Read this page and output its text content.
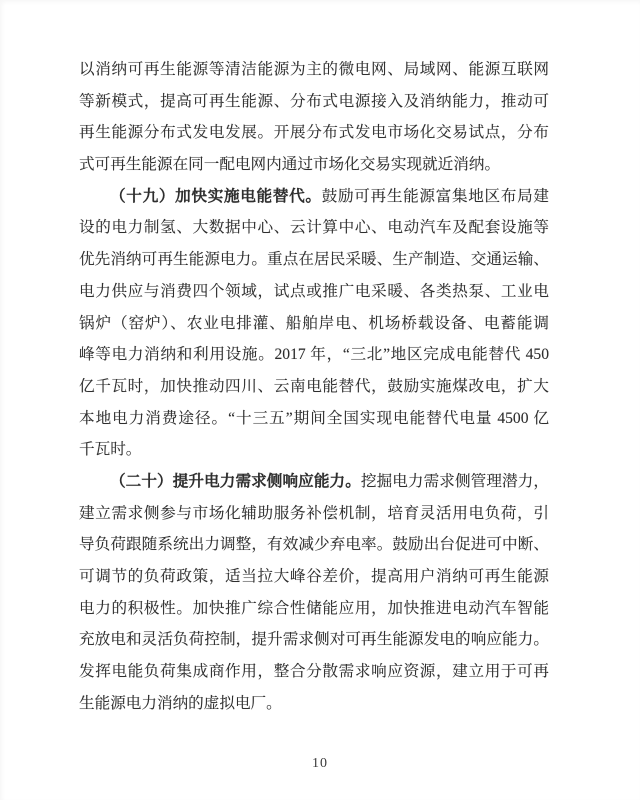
以消纳可再生能源等清洁能源为主的微电网、局域网、能源互联网
等新模式，提高可再生能源、分布式电源接入及消纳能力，推动可
再生能源分布式发电发展。开展分布式发电市场化交易试点，分布
式可再生能源在同一配电网内通过市场化交易实现就近消纳。
（十九）加快实施电能替代。鼓励可再生能源富集地区布局建
设的电力制氢、大数据中心、云计算中心、电动汽车及配套设施等
优先消纳可再生能源电力。重点在居民采暖、生产制造、交通运输、
电力供应与消费四个领域，试点或推广电采暖、各类热泵、工业电
锅炉（窑炉）、农业电排灌、船舶岸电、机场桥载设备、电蓄能调
峰等电力消纳和利用设施。2017 年，“三北”地区完成电能替代 450
亿千瓦时，加快推动四川、云南电能替代，鼓励实施煤改电，扩大
本地电力消费途径。“十三五”期间全国实现电能替代电量 4500 亿
千瓦时。
（二十）提升电力需求侧响应能力。挖掘电力需求侧管理潜力，
建立需求侧参与市场化辅助服务补偿机制，培育灵活用电负荷，引
导负荷跟随系统出力调整，有效减少弃电率。鼓励出台促进可中断、
可调节的负荷政策，适当拉大峰谷差价，提高用户消纳可再生能源
电力的积极性。加快推广综合性储能应用，加快推进电动汽车智能
充放电和灵活负荷控制，提升需求侧对可再生能源发电的响应能力。
发挥电能负荷集成商作用，整合分散需求响应资源，建立用于可再
生能源电力消纳的虚拟电厂。
10
